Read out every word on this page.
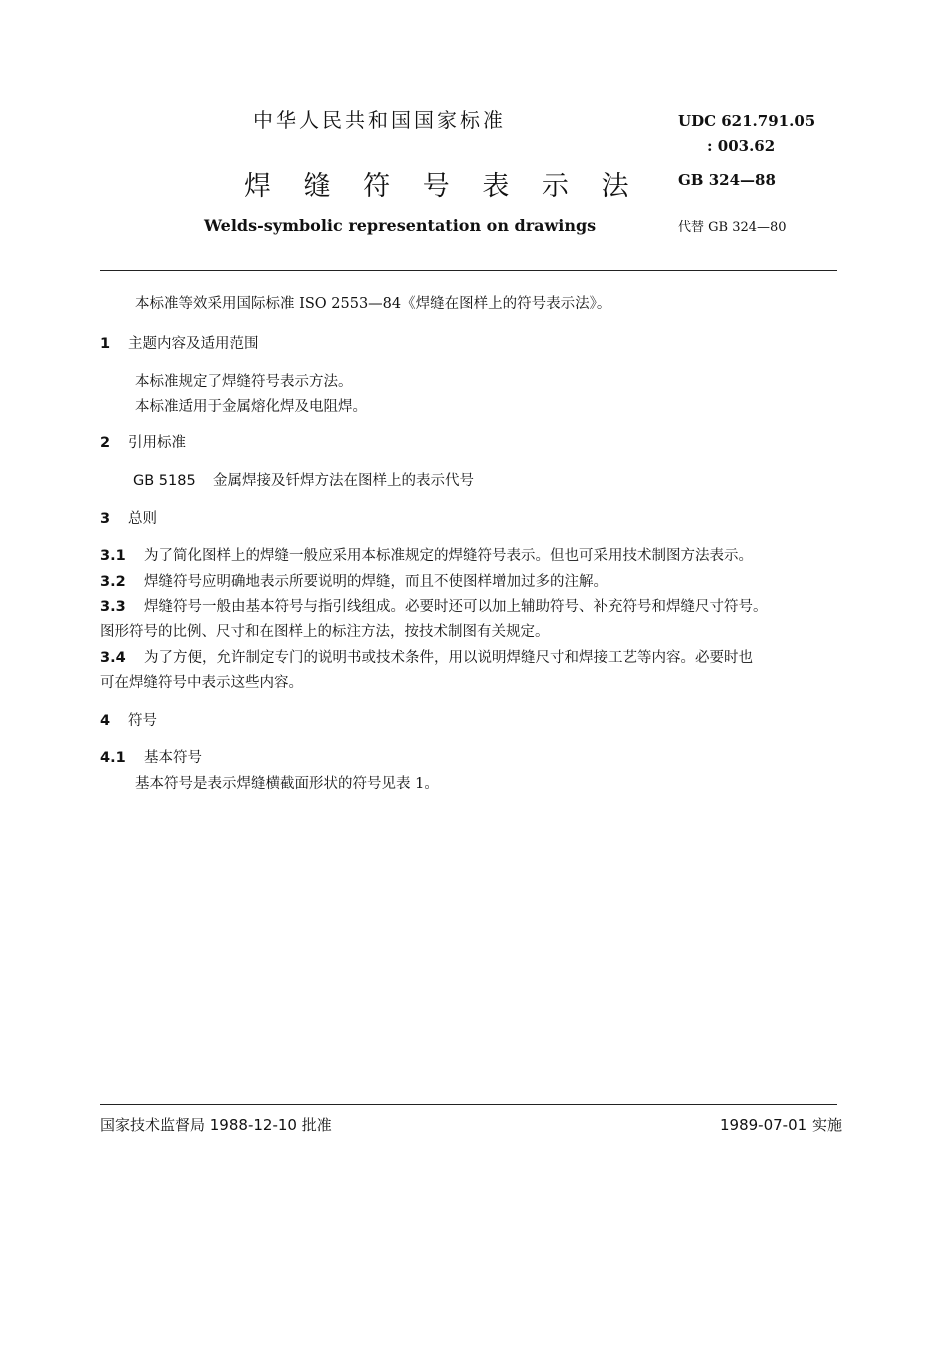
中华人民共和国国家标准
焊 缝 符 号 表 示 法
Welds-symbolic representation on drawings
UDC 621.791.05
: 003.62
GB 324—88
代替 GB 324—80
本标准等效采用国际标准 ISO 2553—84《焊缝在图样上的符号表示法》。
1 主题内容及适用范围
本标准规定了焊缝符号表示方法。
本标准适用于金属熔化焊及电阻焊。
2 引用标准
GB 5185 金属焊接及钎焊方法在图样上的表示代号
3 总则
3.1 为了简化图样上的焊缝一般应采用本标准规定的焊缝符号表示。但也可采用技术制图方法表示。
3.2 焊缝符号应明确地表示所要说明的焊缝，而且不使图样增加过多的注解。
3.3 焊缝符号一般由基本符号与指引线组成。必要时还可以加上辅助符号、补充符号和焊缝尺寸符号。
图形符号的比例、尺寸和在图样上的标注方法，按技术制图有关规定。
3.4 为了方便，允许制定专门的说明书或技术条件，用以说明焊缝尺寸和焊接工艺等内容。必要时也
可在焊缝符号中表示这些内容。
4 符号
4.1 基本符号
基本符号是表示焊缝横截面形状的符号见表 1。
国家技术监督局 1988-12-10 批准	1989-07-01 实施
